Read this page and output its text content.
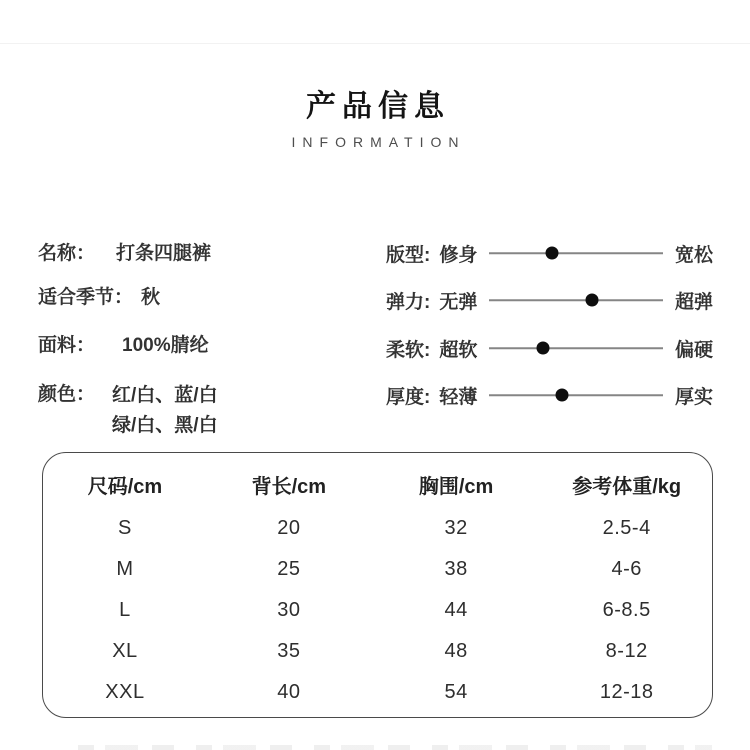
产品信息
INFORMATION
名称： 打条四腿裤
适合季节： 秋
面料： 100%腈纶
颜色： 红/白、蓝/白
绿/白、黑/白
版型: 修身	宽松
弹力: 无弹	超弹
柔软: 超软	偏硬
厚度: 轻薄	厚实
尺码/cm	背长/cm	胸围/cm	参考体重/kg
S	20	32	2.5-4
M	25	38	4-6
L	30	44	6-8.5
XL	35	48	8-12
XXL	40	54	12-18
